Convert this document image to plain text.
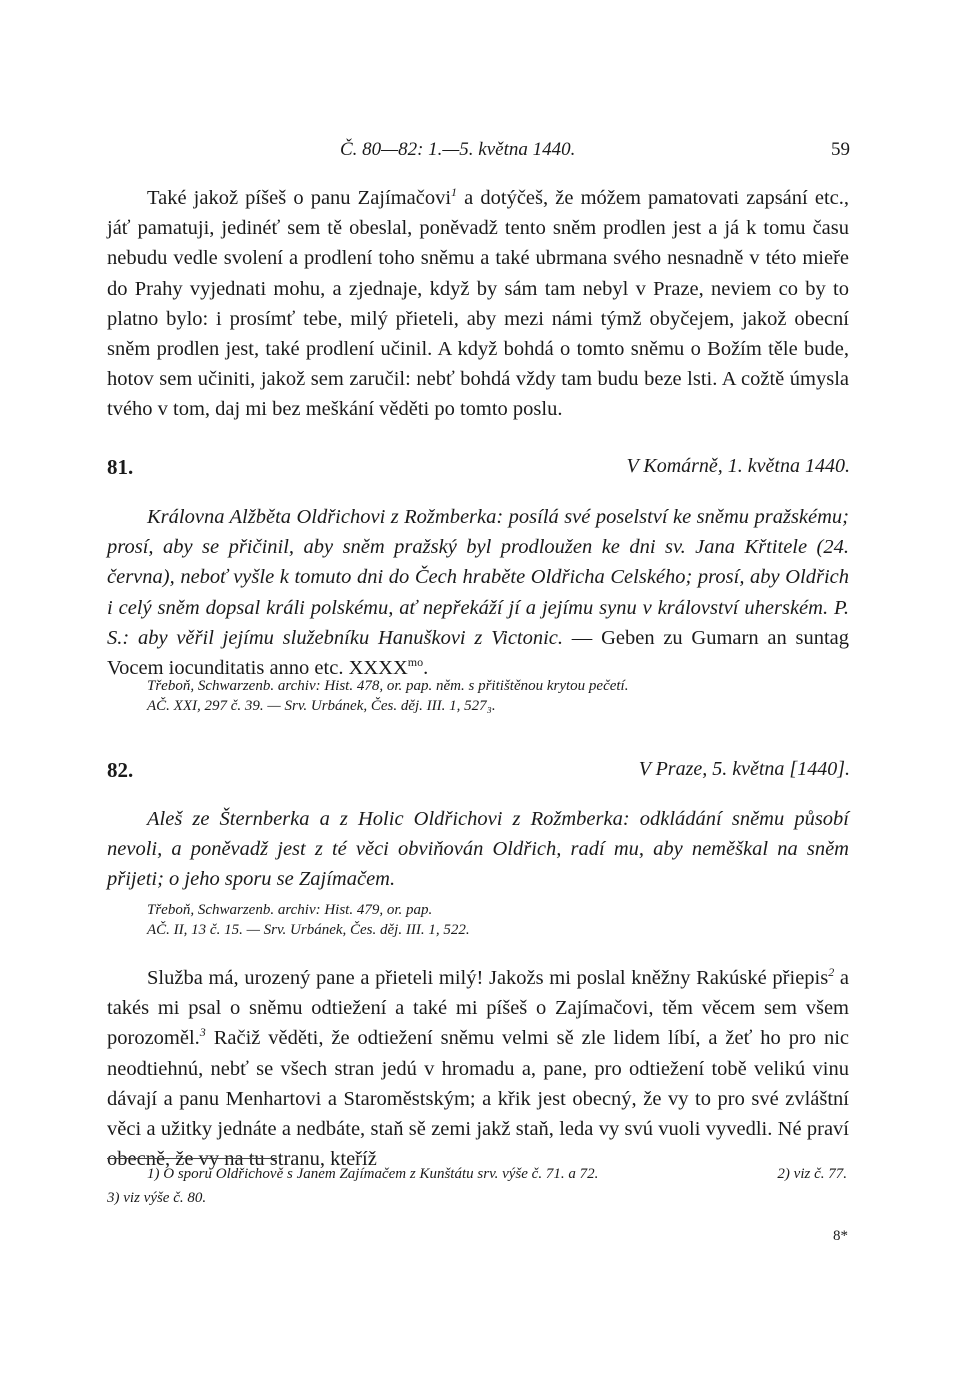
Č. 80—82: 1.—5. května 1440.	59
Také jakož píšeš o panu Zajímačovi$^1$ a dotýčeš, že móžem pamatovati zapsání etc., jáť pamatuji, jedinéť sem tě obeslal, poněvadž tento sněm prodlen jest a já k tomu času nebudu vedle svolení a prodlení toho sněmu a také ubrmana svého nesnadně v této mieře do Prahy vyjednati mohu, a zjednaje, když by sám tam nebyl v Praze, neviem co by to platno bylo: i prosímť tebe, milý přieteli, aby mezi námi týmž obyčejem, jakož obecní sněm prodlen jest, také prodlení učinil. A když bohdá o tomto sněmu o Božím těle bude, hotov sem učiniti, jakož sem zaručil: nebť bohdá vždy tam budu beze lsti. A cožtě úmysla tvého v tom, daj mi bez meškání věděti po tomto poslu.
81.	V Komárně, 1. května 1440.
Královna Alžběta Oldřichovi z Rožmberka: posílá své poselství ke sněmu pražskému; prosí, aby se přičinil, aby sněm pražský byl prodloužen ke dni sv. Jana Křtitele (24. června), neboť vyšle k tomuto dni do Čech hraběte Oldřicha Celského; prosí, aby Oldřich i celý sněm dopsal králi polskému, ať nepřekáží jí a jejímu synu v království uherském. P. S.: aby věřil jejímu služebníku Hanuškovi z Victonic. — Geben zu Gumarn an suntag Vocem iocunditatis anno etc. $XXXX^{mo}$.
Třeboň, Schwarzenb. archiv: Hist. 478, or. pap. něm. s přitištěnou krytou pečetí.
AČ. XXI, 297 č. 39. — Srv. Urbánek, Čes. děj. III. 1, 527₃.
82.	V Praze, 5. května [1440].
Aleš ze Šternberka a z Holic Oldřichovi z Rožmberka: odkládání sněmu působí nevoli, a poněvadž jest z té věci obviňován Oldřich, radí mu, aby neměškal na sněm přijeti; o jeho sporu se Zajímačem.
Třeboň, Schwarzenb. archiv: Hist. 479, or. pap.
AČ. II, 13 č. 15. — Srv. Urbánek, Čes. děj. III. 1, 522.
Služba má, urozený pane a přieteli milý! Jakožs mi poslal kněžny Rakúské přiepis$^2$ a takés mi psal o sněmu odtiežení a také mi píšeš o Zajímačovi, těm věcem sem všem porozoměl.$^3$ Račiž věděti, že odtiežení sněmu velmi sě zle lidem líbí, a žeť ho pro nic neodtiehnú, nebť se všech stran jedú v hromadu a, pane, pro odtiežení tobě velikú vinu dávají a panu Menhartovi a Staroměstským; a křik jest obecný, že vy to pro své zvláštní věci a užitky jednáte a nedbáte, staň sě zemi jakž staň, leda vy svú vuoli vyvedli. Né praví obecně, že vy na tu stranu, kteříž
1) O sporu Oldřichově s Janem Zajímačem z Kunštátu srv. výše č. 71. a 72.	2) viz č. 77.
3) viz výše č. 80.
8*
